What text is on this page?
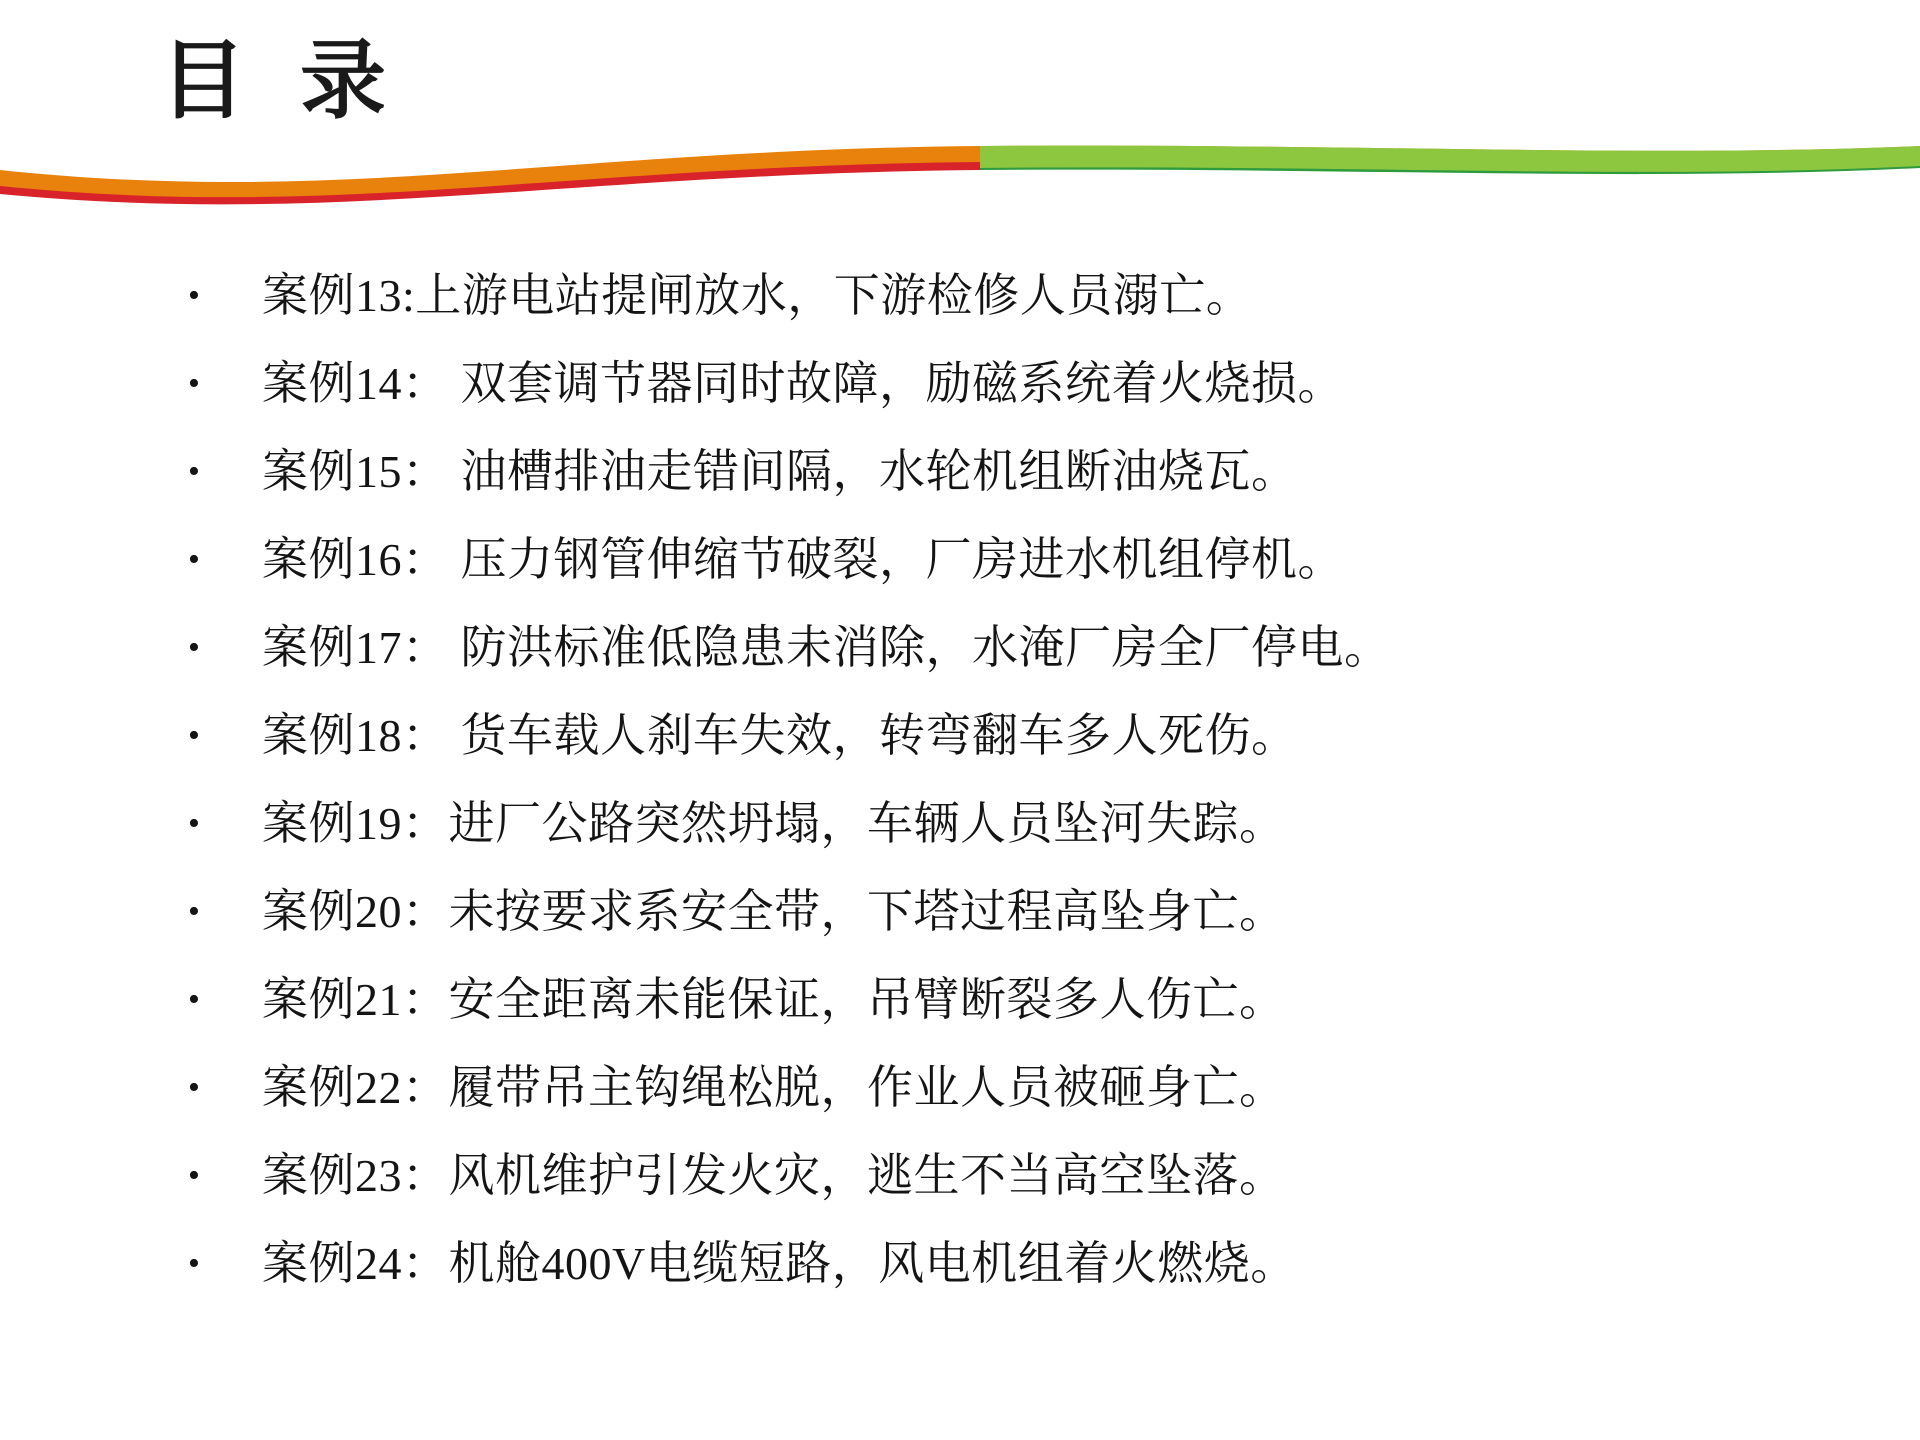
目 录
• 案例13:上游电站提闸放水，下游检修人员溺亡。
• 案例14： 双套调节器同时故障，励磁系统着火烧损。
• 案例15： 油槽排油走错间隔，水轮机组断油烧瓦。
• 案例16： 压力钢管伸缩节破裂，厂房进水机组停机。
• 案例17： 防洪标准低隐患未消除，水淹厂房全厂停电。
• 案例18： 货车载人刹车失效，转弯翻车多人死伤。
• 案例19：进厂公路突然坍塌，车辆人员坠河失踪。
• 案例20：未按要求系安全带，下塔过程高坠身亡。
• 案例21：安全距离未能保证，吊臂断裂多人伤亡。
• 案例22：履带吊主钩绳松脱，作业人员被砸身亡。
• 案例23：风机维护引发火灾，逃生不当高空坠落。
• 案例24：机舱400V电缆短路，风电机组着火燃烧。
